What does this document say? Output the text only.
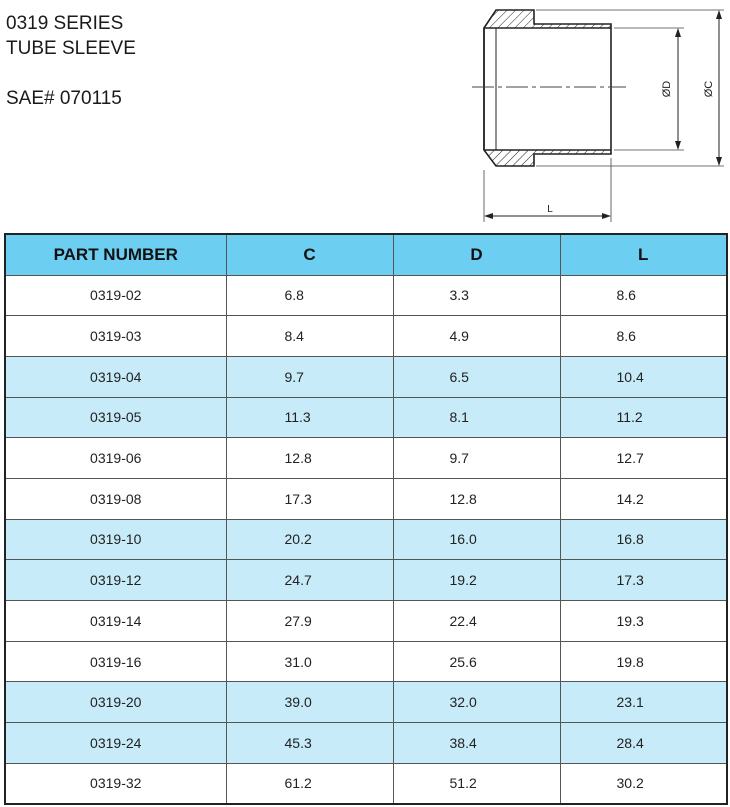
0319 SERIES
TUBE SLEEVE
SAE# 070115	ØD	ØC
L
PART NUMBER	C	D	L
0319-02	6.8	3.3	8.6
0319-03	8.4	4.9	8.6
0319-04	9.7	6.5	10.4
0319-05	11.3	8.1	11.2
0319-06	12.8	9.7	12.7
0319-08	17.3	12.8	14.2
0319-10	20.2	16.0	16.8
0319-12	24.7	19.2	17.3
0319-14	27.9	22.4	19.3
0319-16	31.0	25.6	19.8
0319-20	39.0	32.0	23.1
0319-24	45.3	38.4	28.4
0319-32	61.2	51.2	30.2
